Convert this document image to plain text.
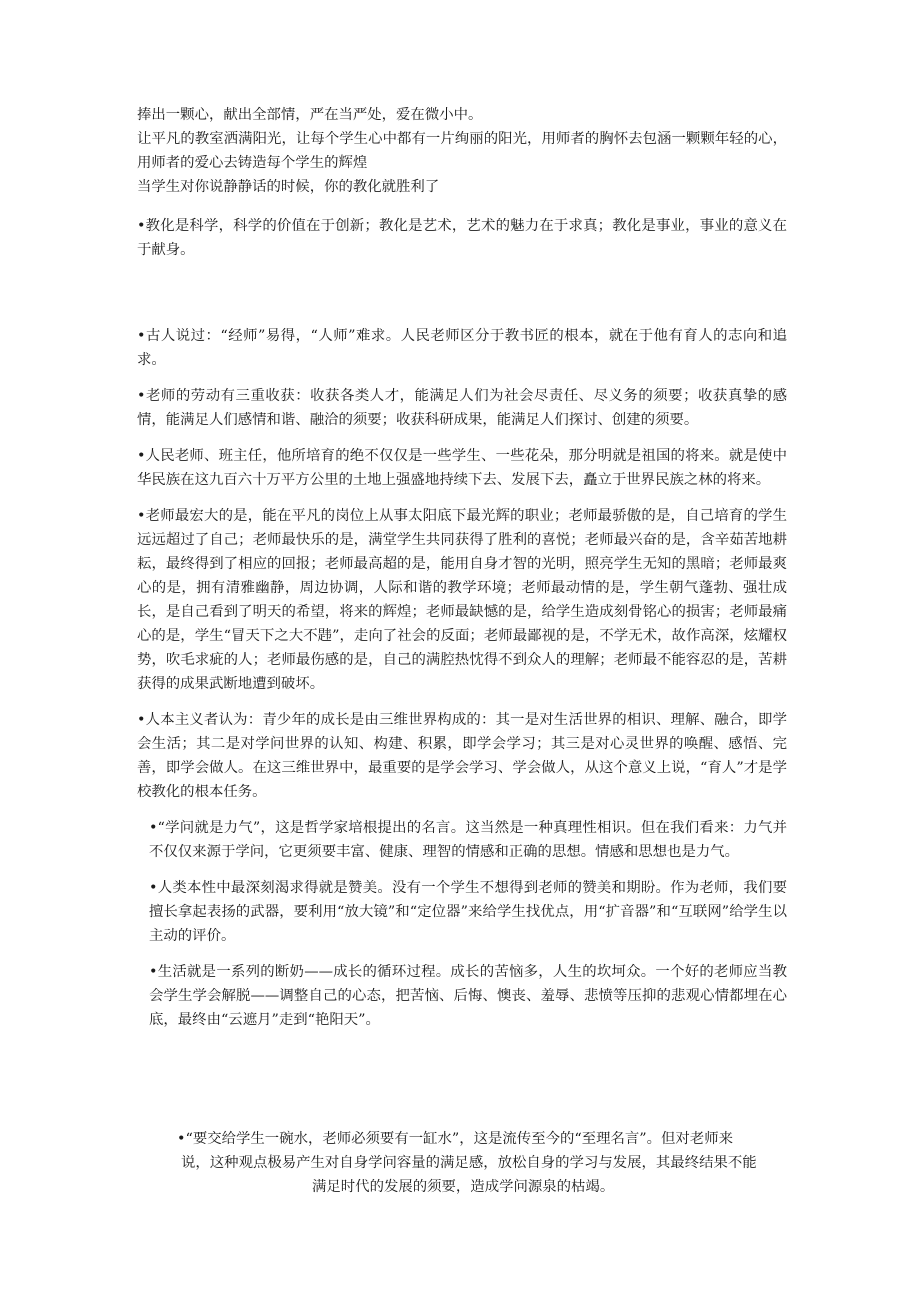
捧出一颗心，献出全部情，严在当严处，爱在微小中。

让平凡的教室洒满阳光，让每个学生心中都有一片绚丽的阳光，用师者的胸怀去包涵一颗颗年轻的心，用师者的爱心去铸造每个学生的辉煌

当学生对你说静静话的时候，你的教化就胜利了

•教化是科学，科学的价值在于创新；教化是艺术，艺术的魅力在于求真；教化是事业，事业的意义在于献身。

•古人说过：“经师”易得，“人师”难求。人民老师区分于教书匠的根本，就在于他有育人的志向和追求。

•老师的劳动有三重收获：收获各类人才，能满足人们为社会尽责任、尽义务的须要；收获真挚的感情，能满足人们感情和谐、融洽的须要；收获科研成果，能满足人们探讨、创建的须要。

•人民老师、班主任，他所培育的绝不仅仅是一些学生、一些花朵，那分明就是祖国的将来。就是使中华民族在这九百六十万平方公里的土地上强盛地持续下去、发展下去，矗立于世界民族之林的将来。

•老师最宏大的是，能在平凡的岗位上从事太阳底下最光辉的职业；老师最骄傲的是，自己培育的学生远远超过了自己；老师最快乐的是，满堂学生共同获得了胜利的喜悦；老师最兴奋的是，含辛茹苦地耕耘，最终得到了相应的回报；老师最高超的是，能用自身才智的光明，照亮学生无知的黑暗；老师最爽心的是，拥有清雅幽静，周边协调，人际和谐的教学环境；老师最动情的是，学生朝气蓬勃、强壮成长，是自己看到了明天的希望，将来的辉煌；老师最缺憾的是，给学生造成刻骨铭心的损害；老师最痛心的是，学生“冒天下之大不韪”，走向了社会的反面；老师最鄙视的是，不学无术，故作高深，炫耀权势，吹毛求疵的人；老师最伤感的是，自己的满腔热忱得不到众人的理解；老师最不能容忍的是，苦耕获得的成果武断地遭到破坏。

•人本主义者认为：青少年的成长是由三维世界构成的：其一是对生活世界的相识、理解、融合，即学会生活；其二是对学问世界的认知、构建、积累，即学会学习；其三是对心灵世界的唤醒、感悟、完善，即学会做人。在这三维世界中，最重要的是学会学习、学会做人，从这个意义上说，“育人”才是学校教化的根本任务。

•“学问就是力气”，这是哲学家培根提出的名言。这当然是一种真理性相识。但在我们看来：力气并不仅仅来源于学问，它更须要丰富、健康、理智的情感和正确的思想。情感和思想也是力气。

•人类本性中最深刻渴求得就是赞美。没有一个学生不想得到老师的赞美和期盼。作为老师，我们要擅长拿起表扬的武器，要利用“放大镜”和“定位器”来给学生找优点，用“扩音器”和“互联网”给学生以主动的评价。

•生活就是一系列的断奶——成长的循环过程。成长的苦恼多，人生的坎坷众。一个好的老师应当教会学生学会解脱——调整自己的心态，把苦恼、后悔、懊丧、羞辱、悲愤等压抑的悲观心情都埋在心底，最终由“云遮月”走到“艳阳天”。

•“要交给学生一碗水，老师必须要有一缸水”，这是流传至今的“至理名言”。但对老师来
说，这种观点极易产生对自身学问容量的满足感，放松自身的学习与发展，其最终结果不能
满足时代的发展的须要，造成学问源泉的枯竭。
